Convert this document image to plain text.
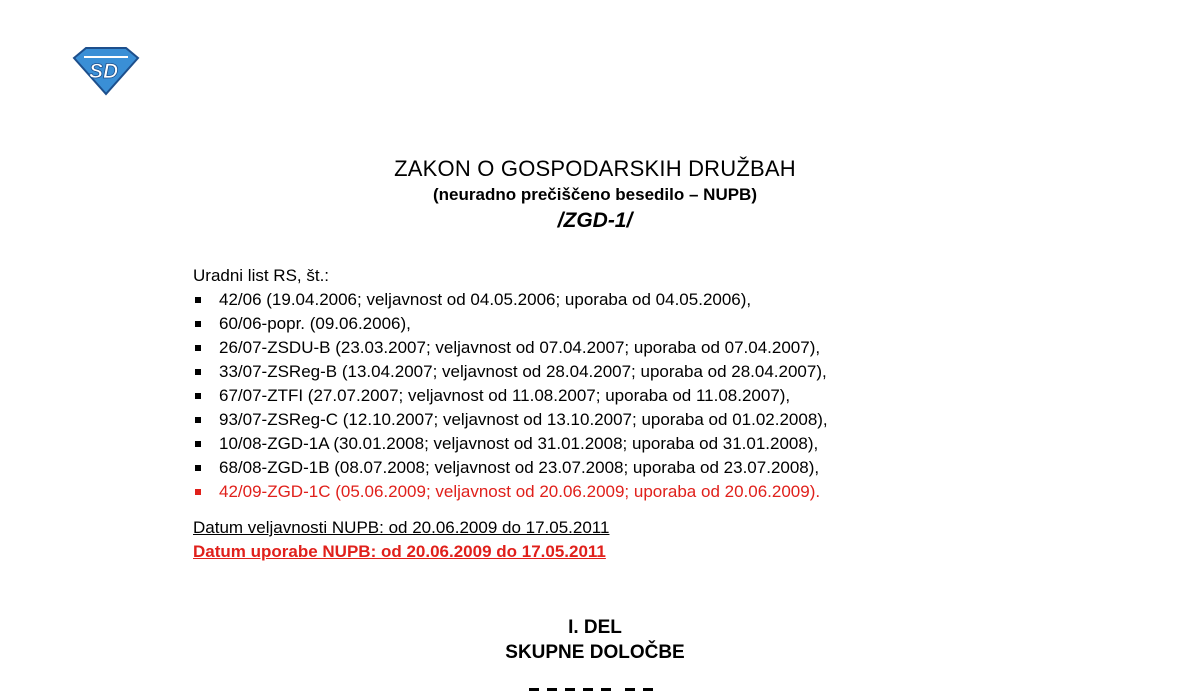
S D
ZAKON O GOSPODARSKIH DRUŽBAH

(neuradno prečiščeno besedilo – NUPB)

/ZGD-1/

Uradni list RS, št.:

42/06 (19.04.2006; veljavnost od 04.05.2006; uporaba od 04.05.2006),
60/06-popr. (09.06.2006),
26/07-ZSDU-B (23.03.2007; veljavnost od 07.04.2007; uporaba od 07.04.2007),
33/07-ZSReg-B (13.04.2007; veljavnost od 28.04.2007; uporaba od 28.04.2007),
67/07-ZTFI (27.07.2007; veljavnost od 11.08.2007; uporaba od 11.08.2007),
93/07-ZSReg-C (12.10.2007; veljavnost od 13.10.2007; uporaba od 01.02.2008),
10/08-ZGD-1A (30.01.2008; veljavnost od 31.01.2008; uporaba od 31.01.2008),
68/08-ZGD-1B (08.07.2008; veljavnost od 23.07.2008; uporaba od 23.07.2008),
42/09-ZGD-1C (05.06.2009; veljavnost od 20.06.2009; uporaba od 20.06.2009).

Datum veljavnosti NUPB: od 20.06.2009 do 17.05.2011

Datum uporabe NUPB: od 20.06.2009 do 17.05.2011

I. DEL

SKUPNE DOLOČBE
